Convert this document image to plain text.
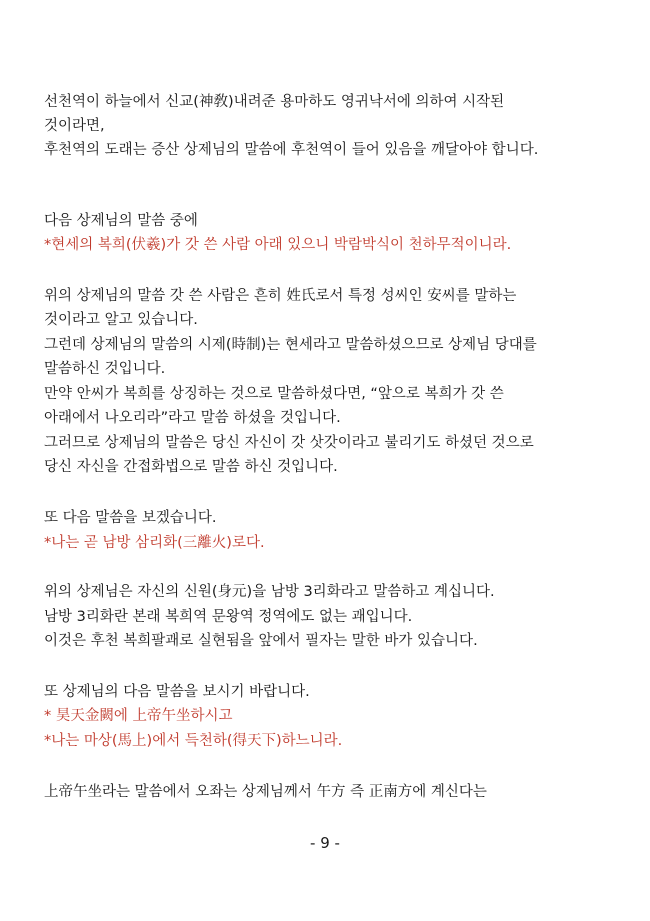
선천역이 하늘에서 신교(神敎)내려준 용마하도 영귀낙서에 의하여 시작된
것이라면,
후천역의 도래는 증산 상제님의 말씀에 후천역이 들어 있음을 깨달아야 합니다.
다음 상제님의 말씀 중에
*현세의 복희(伏羲)가 갓 쓴 사람 아래 있으니 박람박식이 천하무적이니라.
위의 상제님의 말씀 갓 쓴 사람은 흔히 姓氏로서 특정 성씨인 安씨를 말하는
것이라고 알고 있습니다.
그런데 상제님의 말씀의 시제(時制)는 현세라고 말씀하셨으므로 상제님 당대를
말씀하신 것입니다.
만약 안씨가 복희를 상징하는 것으로 말씀하셨다면, “앞으로 복희가 갓 쓴
아래에서 나오리라”라고 말씀 하셨을 것입니다.
그러므로 상제님의 말씀은 당신 자신이 갓 삿갓이라고 불리기도 하셨던 것으로
당신 자신을 간접화법으로 말씀 하신 것입니다.
또 다음 말씀을 보겠습니다.
*나는 곧 남방 삼리화(三離火)로다.
위의 상제님은 자신의 신원(身元)을 남방 3리화라고 말씀하고 계십니다.
남방 3리화란 본래 복희역 문왕역 정역에도 없는 괘입니다.
이것은 후천 복희팔괘로 실현됨을 앞에서 필자는 말한 바가 있습니다.
또 상제님의 다음 말씀을 보시기 바랍니다.
* 昊天金闕에 上帝午坐하시고
*나는 마상(馬上)에서 득천하(得天下)하느니라.
上帝午坐라는 말씀에서 오좌는 상제님께서 午方 즉 正南方에 계신다는
- 9 -
